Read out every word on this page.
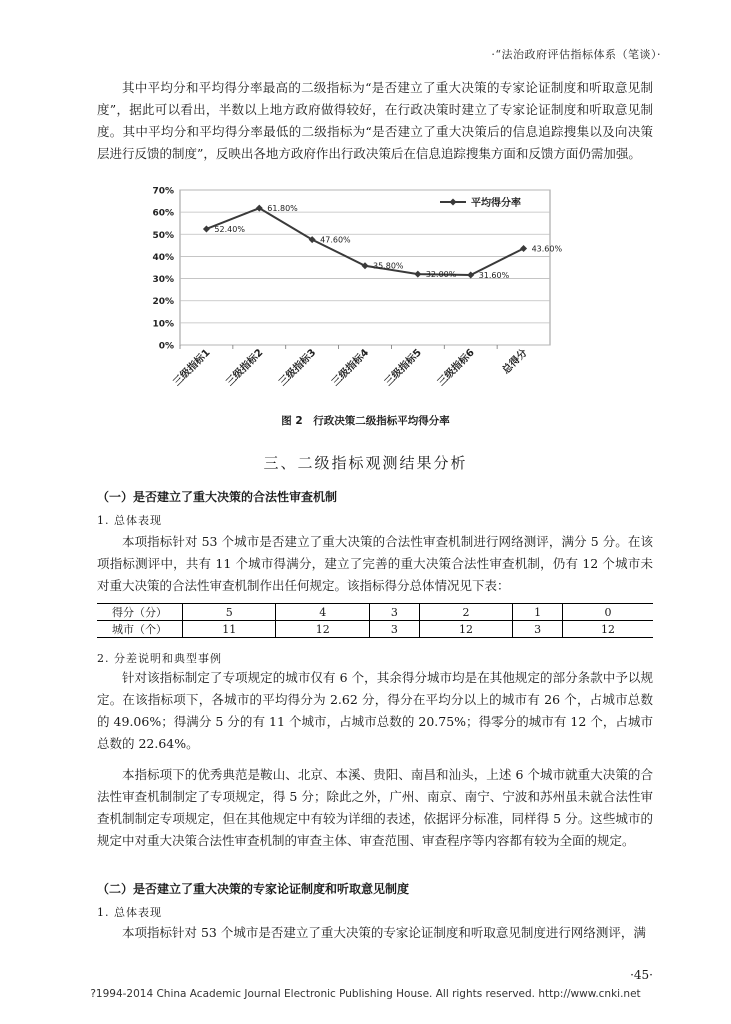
·“法治政府评估指标体系（笔谈）·

其中平均分和平均得分率最高的二级指标为“是否建立了重大决策的专家论证制度和听取意见制度”，据此可以看出，半数以上地方政府做得较好，在行政决策时建立了专家论证制度和听取意见制度。其中平均分和平均得分率最低的二级指标为“是否建立了重大决策后的信息追踪搜集以及向决策层进行反馈的制度”，反映出各地方政府作出行政决策后在信息追踪搜集方面和反馈方面仍需加强。

0%
10%
20%
30%
40%
50%
60%
70%
三级指标1 三级指标2 三级指标3 三级指标4 三级指标5 三级指标6 总得分
52.40%
61.80%
47.60%
35.80%
32.00%	31.60%
43.60%
平均得分率
图 2　行政决策二级指标平均得分率
三、二级指标观测结果分析
（一）是否建立了重大决策的合法性审查机制
1. 总体表现

本项指标针对 53 个城市是否建立了重大决策的合法性审查机制进行网络测评，满分 5 分。在该项指标测评中，共有 11 个城市得满分，建立了完善的重大决策合法性审查机制，仍有 12 个城市未对重大决策的合法性审查机制作出任何规定。该指标得分总体情况见下表：

得分（分）	5	4	3	2	1	0
城市（个）	11	12	3	12	3	12
2. 分差说明和典型事例

针对该指标制定了专项规定的城市仅有 6 个，其余得分城市均是在其他规定的部分条款中予以规定。在该指标项下，各城市的平均得分为 2.62 分，得分在平均分以上的城市有 26 个，占城市总数的 49.06%；得满分 5 分的有 11 个城市，占城市总数的 20.75%；得零分的城市有 12 个，占城市总数的 22.64%。

本指标项下的优秀典范是鞍山、北京、本溪、贵阳、南昌和汕头，上述 6 个城市就重大决策的合法性审查机制制定了专项规定，得 5 分；除此之外，广州、南京、南宁、宁波和苏州虽未就合法性审查机制制定专项规定，但在其他规定中有较为详细的表述，依据评分标准，同样得 5 分。这些城市的规定中对重大决策合法性审查机制的审查主体、审查范围、审查程序等内容都有较为全面的规定。

（二）是否建立了重大决策的专家论证制度和听取意见制度
1. 总体表现

本项指标针对 53 个城市是否建立了重大决策的专家论证制度和听取意见制度进行网络测评，满

·45·
?1994-2014 China Academic Journal Electronic Publishing House. All rights reserved. http://www.cnki.net
